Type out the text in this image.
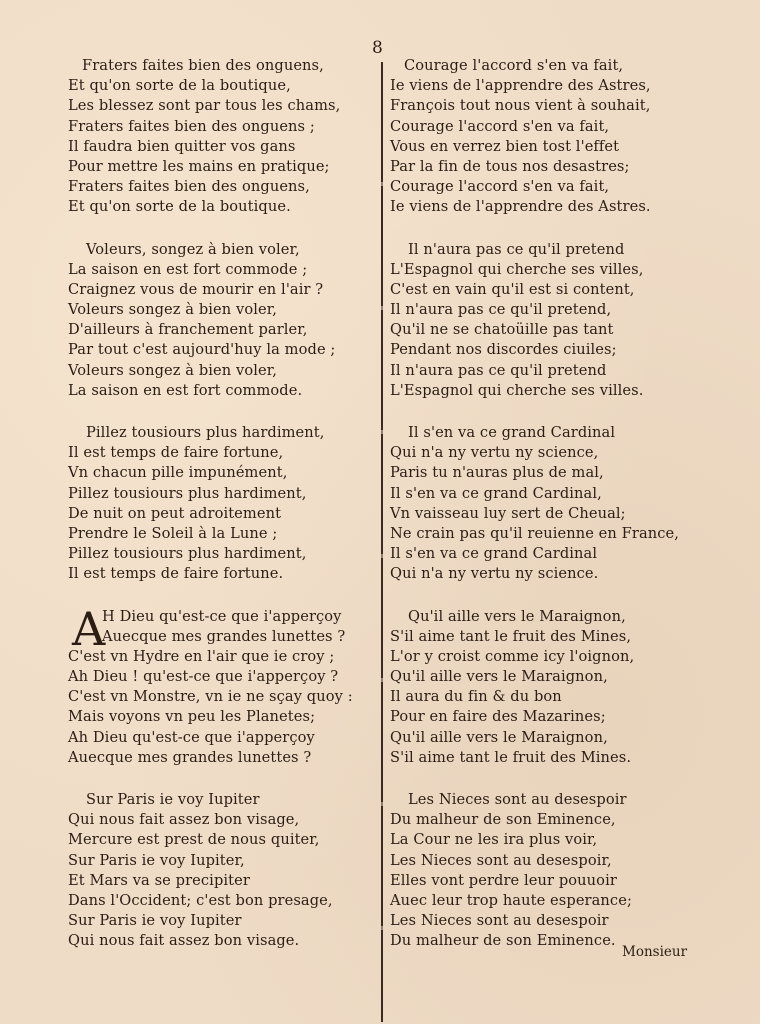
8
Fraters faites bien des onguens,
Et qu'on sorte de la boutique,
Les blessez sont par tous les chams,
Fraters faites bien des onguens ;
Il faudra bien quitter vos gans
Pour mettre les mains en pratique;
Fraters faites bien des onguens,
Et qu'on sorte de la boutique.
Voleurs, songez à bien voler,
La saison en est fort commode ;
Craignez vous de mourir en l'air ?
Voleurs songez à bien voler,
D'ailleurs à franchement parler,
Par tout c'est aujourd'huy la mode ;
Voleurs songez à bien voler,
La saison en est fort commode.
Pillez tousiours plus hardiment,
Il est temps de faire fortune,
Vn chacun pille impunément,
Pillez tousiours plus hardiment,
De nuit on peut adroitement
Prendre le Soleil à la Lune ;
Pillez tousiours plus hardiment,
Il est temps de faire fortune.
A
H Dieu qu'est-ce que i'apperçoy
Auecque mes grandes lunettes ?
C'est vn Hydre en l'air que ie croy ;
Ah Dieu ! qu'est-ce que i'apperçoy ?
C'est vn Monstre, vn ie ne sçay quoy :
Mais voyons vn peu les Planetes;
Ah Dieu qu'est-ce que i'apperçoy
Auecque mes grandes lunettes ?
Sur Paris ie voy Iupiter
Qui nous fait assez bon visage,
Mercure est prest de nous quiter,
Sur Paris ie voy Iupiter,
Et Mars va se precipiter
Dans l'Occident; c'est bon presage,
Sur Paris ie voy Iupiter
Qui nous fait assez bon visage.
Courage l'accord s'en va fait,
Ie viens de l'apprendre des Astres,
François tout nous vient à souhait,
Courage l'accord s'en va fait,
Vous en verrez bien tost l'effet
Par la fin de tous nos desastres;
Courage l'accord s'en va fait,
Ie viens de l'apprendre des Astres.
Il n'aura pas ce qu'il pretend
L'Espagnol qui cherche ses villes,
C'est en vain qu'il est si content,
Il n'aura pas ce qu'il pretend,
Qu'il ne se chatoüille pas tant
Pendant nos discordes ciuiles;
Il n'aura pas ce qu'il pretend
L'Espagnol qui cherche ses villes.
Il s'en va ce grand Cardinal
Qui n'a ny vertu ny science,
Paris tu n'auras plus de mal,
Il s'en va ce grand Cardinal,
Vn vaisseau luy sert de Cheual;
Ne crain pas qu'il reuienne en France,
Il s'en va ce grand Cardinal
Qui n'a ny vertu ny science.
Qu'il aille vers le Maraignon,
S'il aime tant le fruit des Mines,
L'or y croist comme icy l'oignon,
Qu'il aille vers le Maraignon,
Il aura du fin & du bon
Pour en faire des Mazarines;
Qu'il aille vers le Maraignon,
S'il aime tant le fruit des Mines.
Les Nieces sont au desespoir
Du malheur de son Eminence,
La Cour ne les ira plus voir,
Les Nieces sont au desespoir,
Elles vont perdre leur pouuoir
Auec leur trop haute esperance;
Les Nieces sont au desespoir
Du malheur de son Eminence.
Monsieur
